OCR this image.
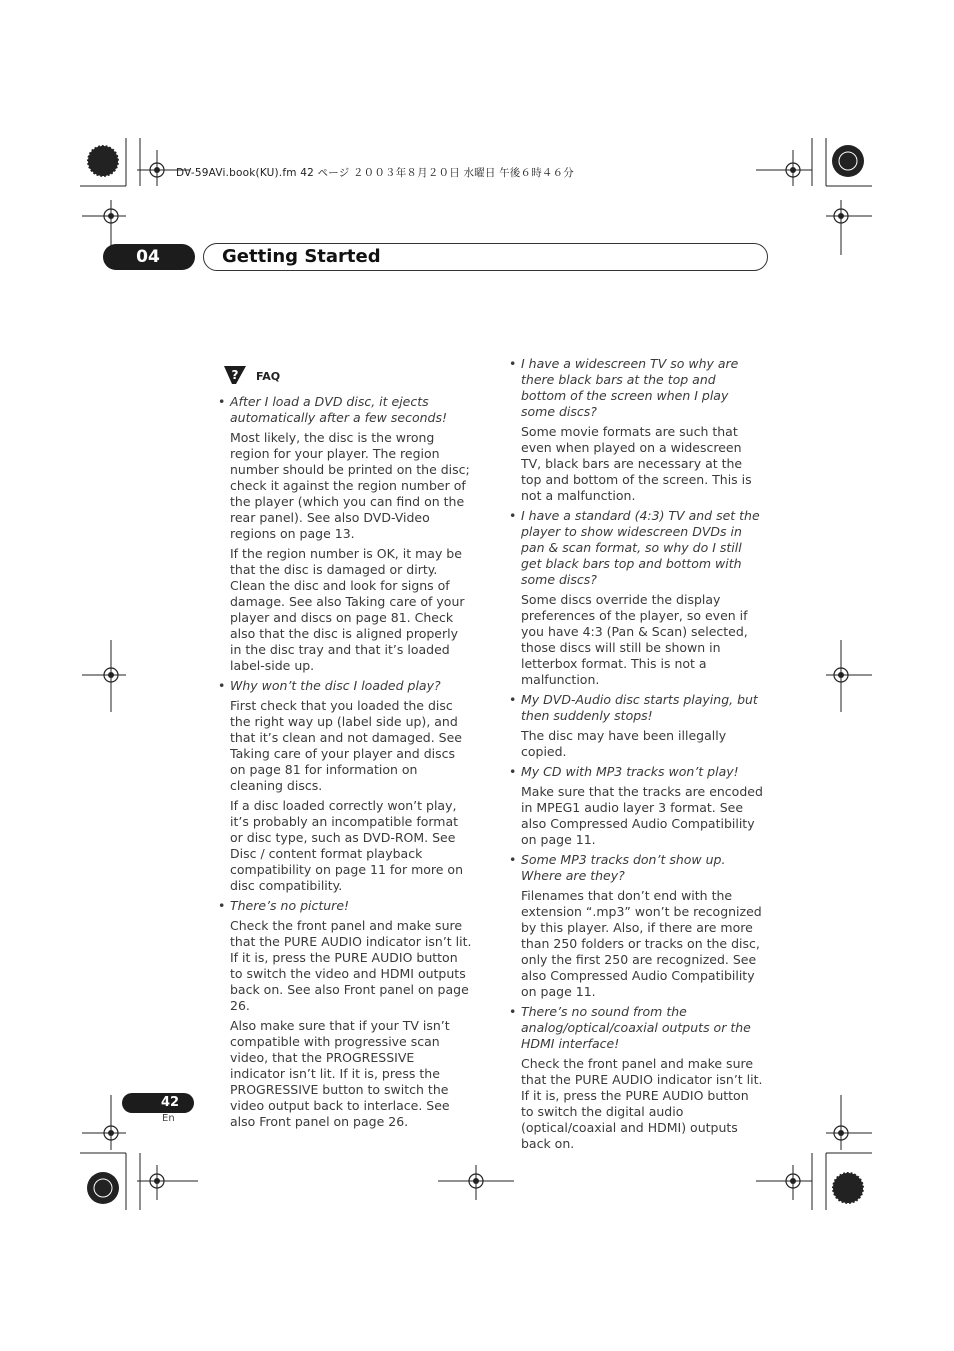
DV-59AVi.book(KU).fm 42 ページ ２００３年８月２０日 水曜日 午後６時４６分
04	Getting Started
? FAQ
• After I load a DVD disc, it ejects automatically after a few seconds!

Most likely, the disc is the wrong region for your player. The region number should be printed on the disc; check it against the region number of the player (which you can find on the rear panel). See also DVD-Video regions on page 13.

If the region number is OK, it may be that the disc is damaged or dirty. Clean the disc and look for signs of damage. See also Taking care of your player and discs on page 81. Check also that the disc is aligned properly in the disc tray and that it’s loaded label-side up.

• Why won’t the disc I loaded play?

First check that you loaded the disc the right way up (label side up), and that it’s clean and not damaged. See Taking care of your player and discs on page 81 for information on cleaning discs.

If a disc loaded correctly won’t play, it’s probably an incompatible format or disc type, such as DVD-ROM. See Disc / content format playback compatibility on page 11 for more on disc compatibility.

• There’s no picture!

Check the front panel and make sure that the PURE AUDIO indicator isn’t lit. If it is, press the PURE AUDIO button to switch the video and HDMI outputs back on. See also Front panel on page 26.

Also make sure that if your TV isn’t compatible with progressive scan video, that the PROGRESSIVE indicator isn’t lit. If it is, press the PROGRESSIVE button to switch the video output back to interlace. See also Front panel on page 26.

• I have a widescreen TV so why are there black bars at the top and bottom of the screen when I play some discs?

Some movie formats are such that even when played on a widescreen TV, black bars are necessary at the top and bottom of the screen. This is not a malfunction.

• I have a standard (4:3) TV and set the player to show widescreen DVDs in pan & scan format, so why do I still get black bars top and bottom with some discs?

Some discs override the display preferences of the player, so even if you have 4:3 (Pan & Scan) selected, those discs will still be shown in letterbox format. This is not a malfunction.

• My DVD-Audio disc starts playing, but then suddenly stops!

The disc may have been illegally copied.

• My CD with MP3 tracks won’t play!

Make sure that the tracks are encoded in MPEG1 audio layer 3 format. See also Compressed Audio Compatibility on page 11.

• Some MP3 tracks don’t show up. Where are they?

Filenames that don’t end with the extension “.mp3” won’t be recognized by this player. Also, if there are more than 250 folders or tracks on the disc, only the first 250 are recognized. See also Compressed Audio Compatibility on page 11.

• There’s no sound from the analog/optical/coaxial outputs or the HDMI interface!

Check the front panel and make sure that the PURE AUDIO indicator isn’t lit. If it is, press the PURE AUDIO button to switch the digital audio (optical/coaxial and HDMI) outputs back on.

42
En
